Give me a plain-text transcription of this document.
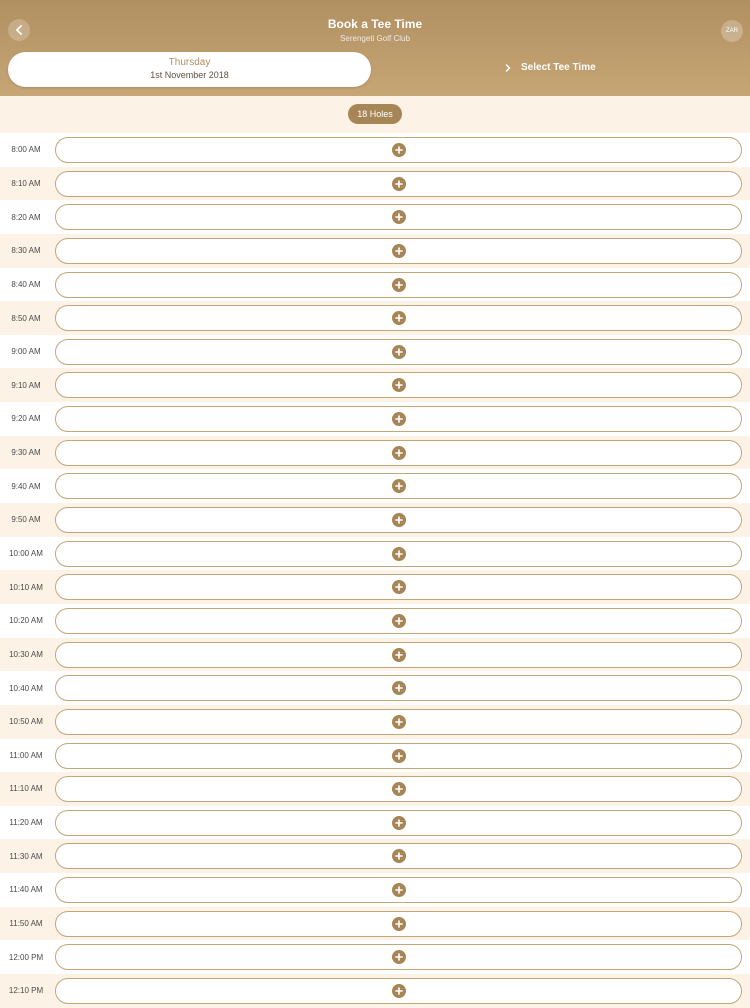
Book a Tee Time
Serengeti Golf Club
ZAR
Thursday
1st November 2018
Select Tee Time
18 Holes
8:00 AM
8:10 AM
8:20 AM
8:30 AM
8:40 AM
8:50 AM
9:00 AM
9:10 AM
9:20 AM
9:30 AM
9:40 AM
9:50 AM
10:00 AM
10:10 AM
10:20 AM
10:30 AM
10:40 AM
10:50 AM
11:00 AM
11:10 AM
11:20 AM
11:30 AM
11:40 AM
11:50 AM
12:00 PM
12:10 PM
